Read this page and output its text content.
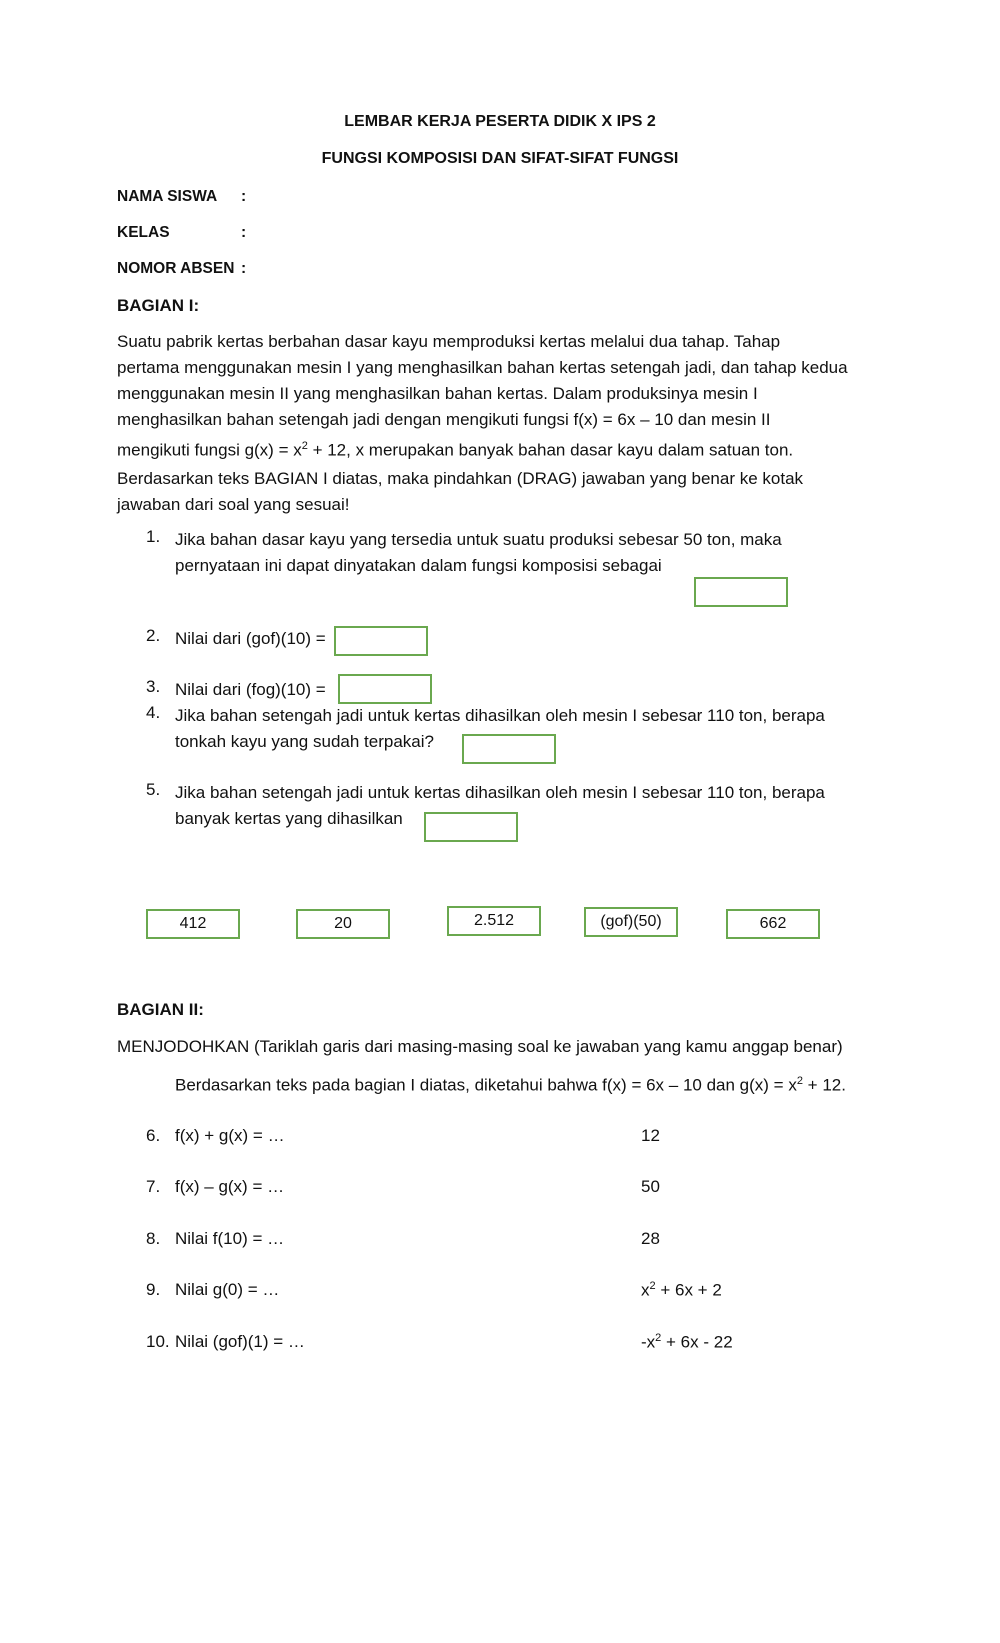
LEMBAR KERJA PESERTA DIDIK X IPS 2
FUNGSI KOMPOSISI DAN SIFAT-SIFAT FUNGSI
NAMA SISWA :
KELAS	:
NOMOR ABSEN :
BAGIAN I:
Suatu pabrik kertas berbahan dasar kayu memproduksi kertas melalui dua tahap. Tahap
pertama menggunakan mesin I yang menghasilkan bahan kertas setengah jadi, dan tahap kedua
menggunakan mesin II yang menghasilkan bahan kertas. Dalam produksinya mesin I
menghasilkan bahan setengah jadi dengan mengikuti fungsi f(x) = 6x – 10 dan mesin II
mengikuti fungsi $g(x) = x^2 + 12$, x merupakan banyak bahan dasar kayu dalam satuan ton.
Berdasarkan teks BAGIAN I diatas, maka pindahkan (DRAG) jawaban yang benar ke kotak
jawaban dari soal yang sesuai!
1. Jika bahan dasar kayu yang tersedia untuk suatu produksi sebesar 50 ton, maka
pernyataan ini dapat dinyatakan dalam fungsi komposisi sebagai
2. Nilai dari (gof)(10) =
3. Nilai dari (fog)(10) =
4. Jika bahan setengah jadi untuk kertas dihasilkan oleh mesin I sebesar 110 ton, berapa
tonkah kayu yang sudah terpakai?
5. Jika bahan setengah jadi untuk kertas dihasilkan oleh mesin I sebesar 110 ton, berapa
banyak kertas yang dihasilkan
412	20	2.512	(gof)(50)	662
BAGIAN II:
MENJODOHKAN (Tariklah garis dari masing-masing soal ke jawaban yang kamu anggap benar)
Berdasarkan teks pada bagian I diatas, diketahui bahwa f(x) = 6x – 10 dan $g(x) = x^2 + 12$.
6. f(x) + g(x) = …	12
7. f(x) – g(x) = …	50
8. Nilai f(10) = …	28
9. Nilai g(0) = …	$x^2 + 6x + 2$
10. Nilai (gof)(1) = …	$-x^2 + 6x - 22$
